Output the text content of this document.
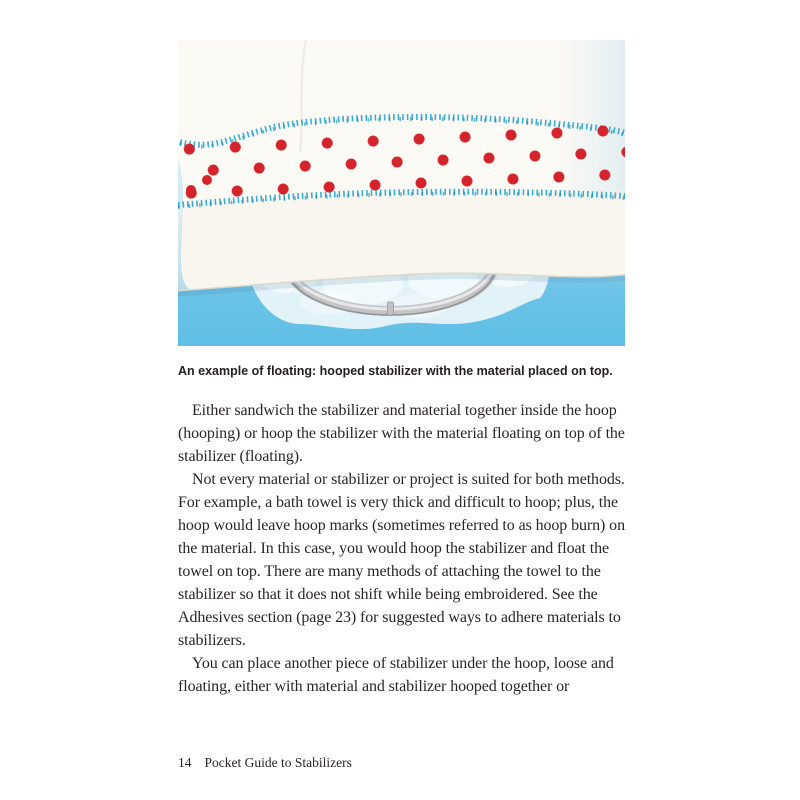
An example of floating: hooped stabilizer with the material placed on top.

Either sandwich the stabilizer and material together inside the hoop (hooping) or hoop the stabilizer with the material floating on top of the stabilizer (floating).

Not every material or stabilizer or project is suited for both methods. For example, a bath towel is very thick and difficult to hoop; plus, the hoop would leave hoop marks (sometimes referred to as hoop burn) on the material. In this case, you would hoop the stabilizer and float the towel on top. There are many methods of attaching the towel to the stabilizer so that it does not shift while being embroidered. See the Adhesives section (page 23) for suggested ways to adhere materials to stabilizers.

You can place another piece of stabilizer under the hoop, loose and floating, either with material and stabilizer hooped together or

14 Pocket Guide to Stabilizers
